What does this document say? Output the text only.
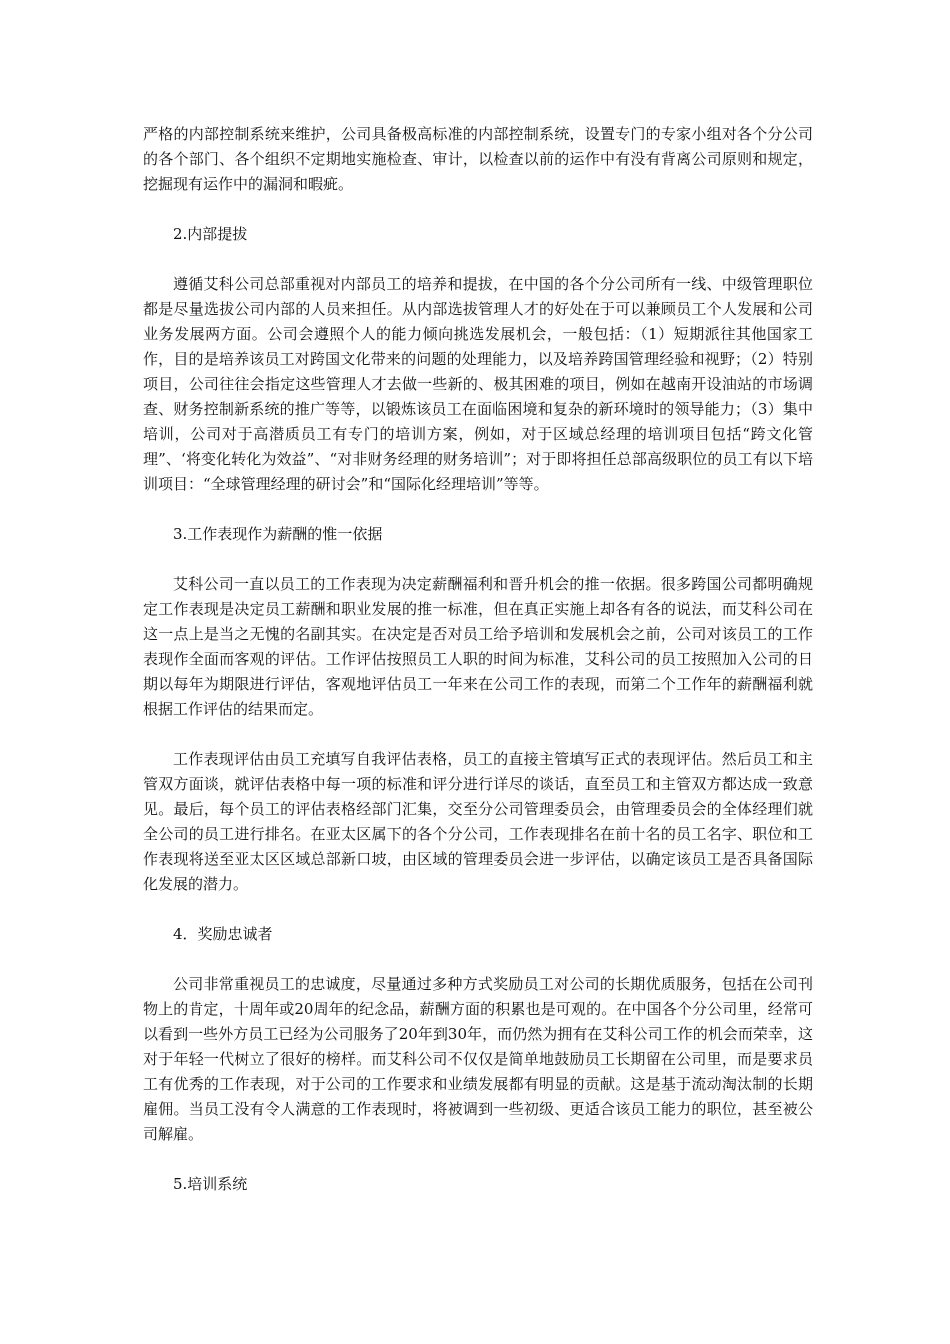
严格的内部控制系统来维护，公司具备极高标准的内部控制系统，设置专门的专家小组对各个分公司的各个部门、各个组织不定期地实施检查、审计，以检查以前的运作中有没有背离公司原则和规定，挖掘现有运作中的漏洞和暇疵。

2.内部提拔

遵循艾科公司总部重视对内部员工的培养和提拔，在中国的各个分公司所有一线、中级管理职位都是尽量选拔公司内部的人员来担任。从内部选拔管理人才的好处在于可以兼顾员工个人发展和公司业务发展两方面。公司会遵照个人的能力倾向挑选发展机会，一般包括：（1）短期派往其他国家工作，目的是培养该员工对跨国文化带来的问题的处理能力，以及培养跨国管理经验和视野；（2）特别项目，公司往往会指定这些管理人才去做一些新的、极其困难的项目，例如在越南开设油站的市场调查、财务控制新系统的推广等等，以锻炼该员工在面临困境和复杂的新环境时的领导能力；（3）集中培训，公司对于高潜质员工有专门的培训方案，例如，对于区域总经理的培训项目包括“跨文化管理”、‘将变化转化为效益”、“对非财务经理的财务培训”；对于即将担任总部高级职位的员工有以下培训项目：“全球管理经理的研讨会”和“国际化经理培训”等等。

3.工作表现作为薪酬的惟一依据

艾科公司一直以员工的工作表现为决定薪酬福利和晋升机会的推一依据。很多跨国公司都明确规定工作表现是决定员工薪酬和职业发展的推一标准，但在真正实施上却各有各的说法，而艾科公司在这一点上是当之无愧的名副其实。在决定是否对员工给予培训和发展机会之前，公司对该员工的工作表现作全面而客观的评估。工作评估按照员工人职的时间为标准，艾科公司的员工按照加入公司的日期以每年为期限进行评估，客观地评估员工一年来在公司工作的表现，而第二个工作年的薪酬福利就根据工作评估的结果而定。

工作表现评估由员工充填写自我评估表格，员工的直接主管填写正式的表现评估。然后员工和主管双方面谈，就评估表格中每一项的标准和评分进行详尽的谈话，直至员工和主管双方都达成一致意见。最后，每个员工的评估表格经部门汇集，交至分公司管理委员会，由管理委员会的全体经理们就全公司的员工进行排名。在亚太区属下的各个分公司，工作表现排名在前十名的员工名字、职位和工作表现将送至亚太区区域总部新口坡，由区域的管理委员会进一步评估，以确定该员工是否具备国际化发展的潜力。

4．奖励忠诚者

公司非常重视员工的忠诚度，尽量通过多种方式奖励员工对公司的长期优质服务，包括在公司刊物上的肯定，十周年或20周年的纪念品，薪酬方面的积累也是可观的。在中国各个分公司里，经常可以看到一些外方员工已经为公司服务了20年到30年，而仍然为拥有在艾科公司工作的机会而荣幸，这对于年轻一代树立了很好的榜样。而艾科公司不仅仅是简单地鼓励员工长期留在公司里，而是要求员工有优秀的工作表现，对于公司的工作要求和业绩发展都有明显的贡献。这是基于流动淘汰制的长期雇佣。当员工没有令人满意的工作表现时，将被调到一些初级、更适合该员工能力的职位，甚至被公司解雇。

5.培训系统
